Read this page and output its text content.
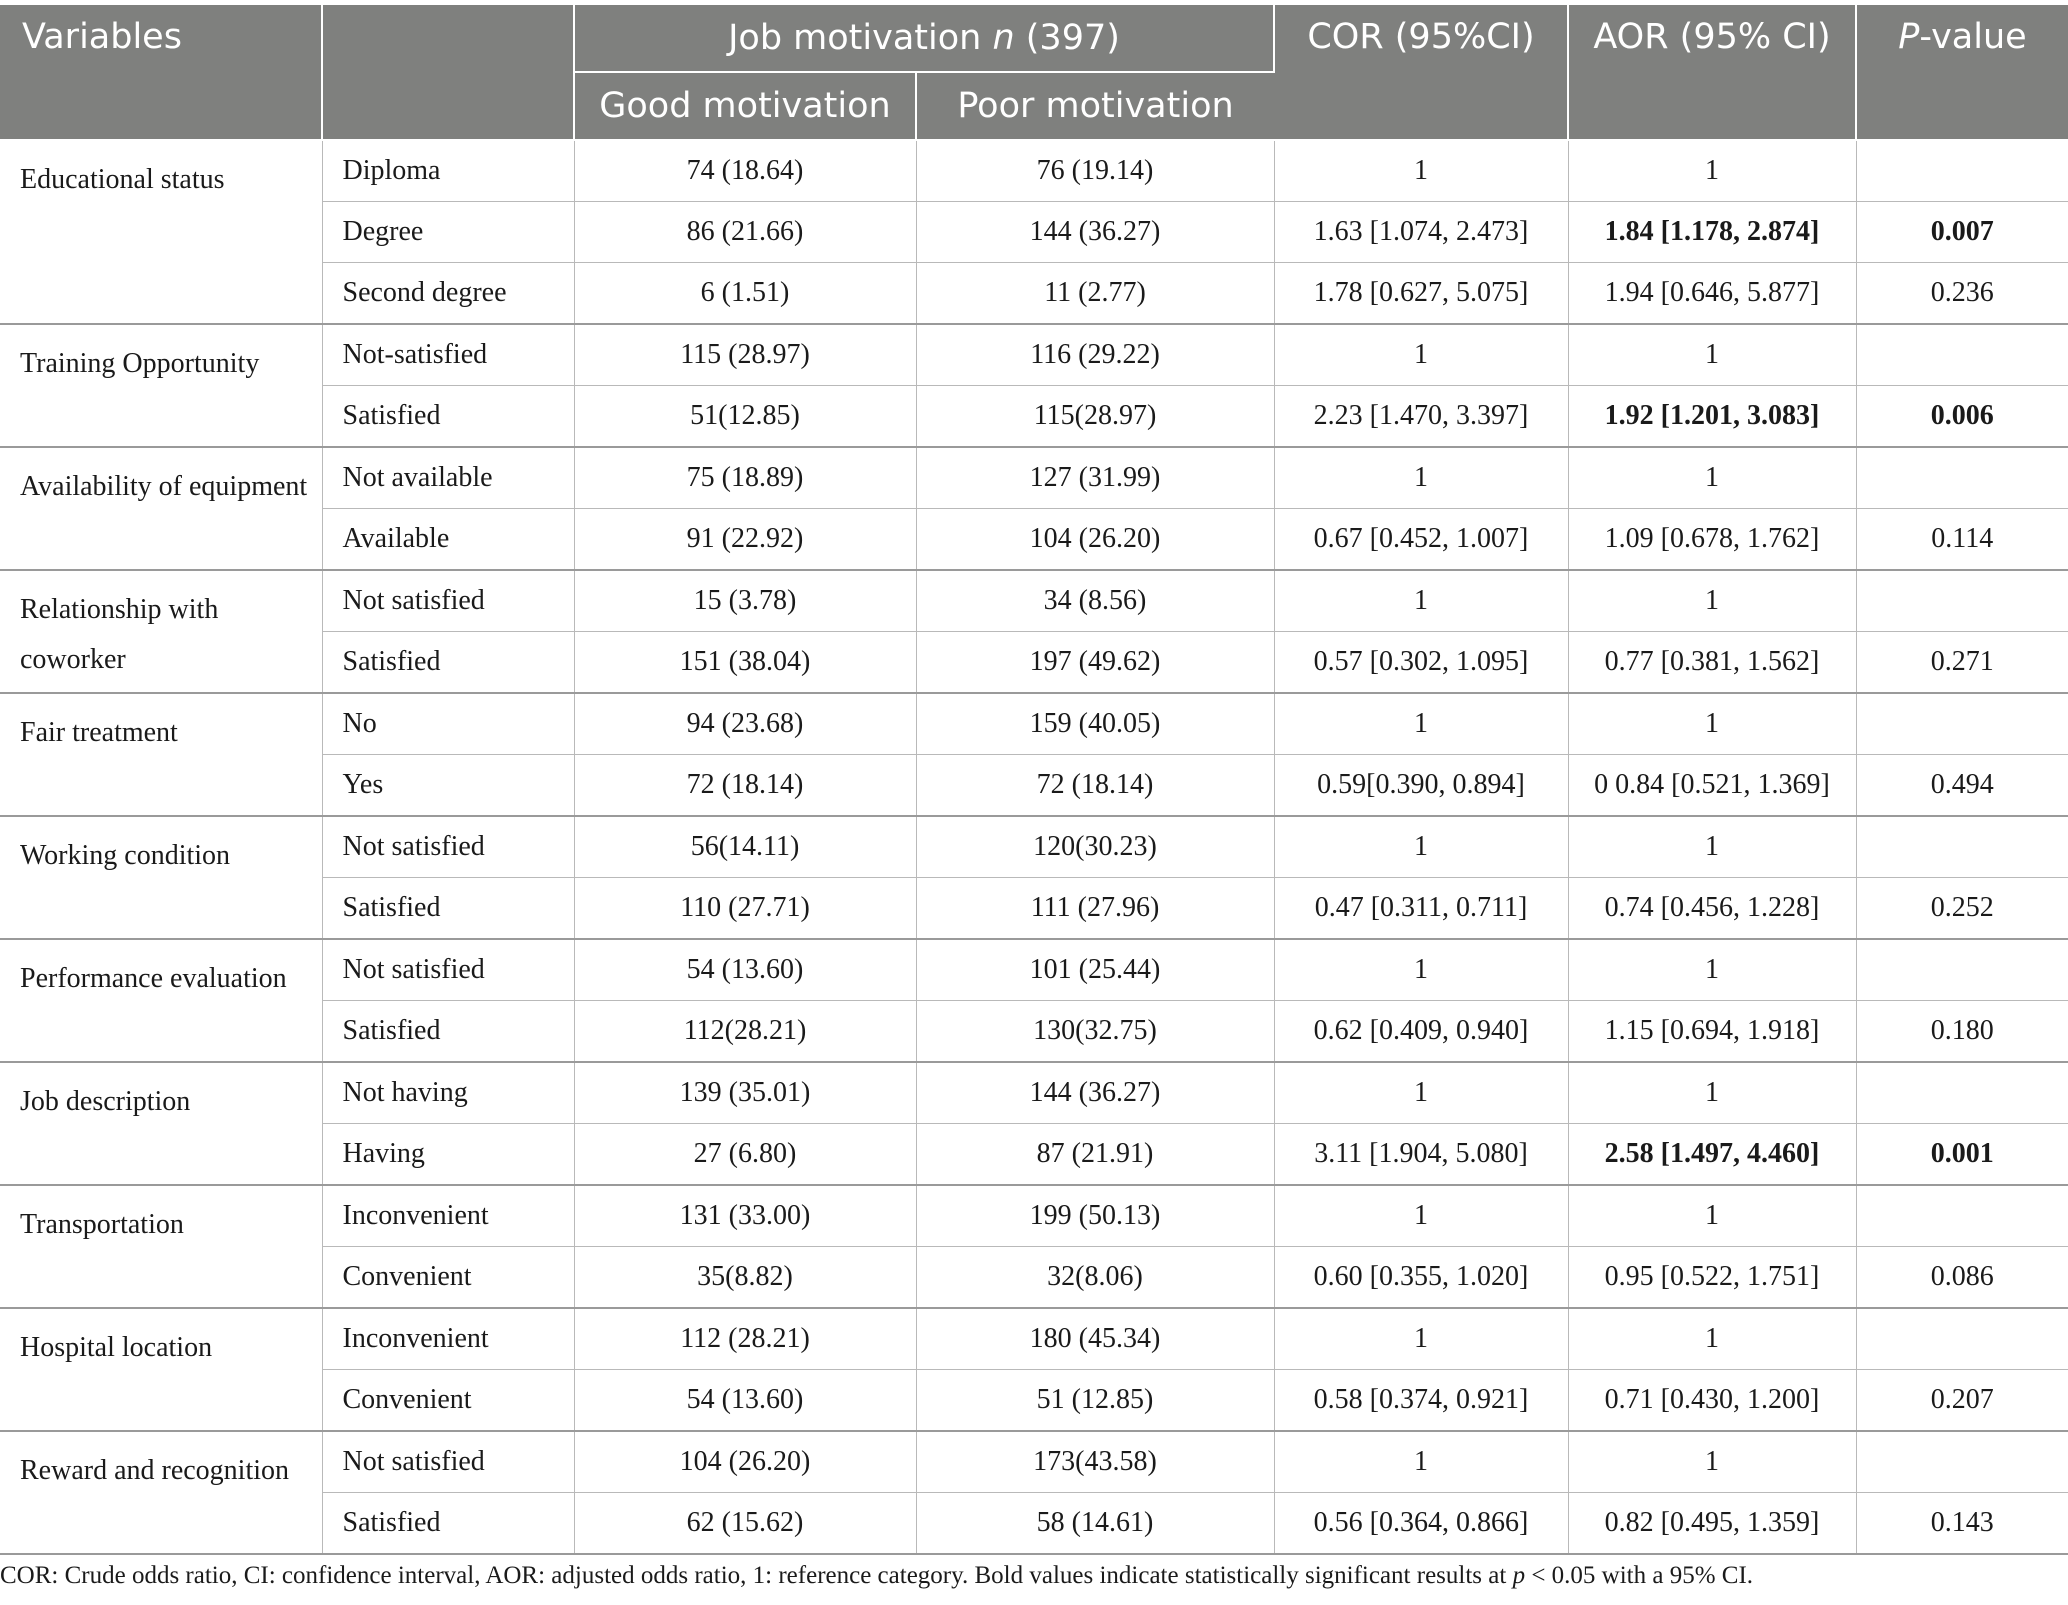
Variables		Job motivation n (397)		COR (95%CI)	AOR (95% CI)	P-value
		Good motivation	Poor motivation			
Educational status	Diploma	74 (18.64)	76 (19.14)	1	1	
	Degree	86 (21.66)	144 (36.27)	1.63 [1.074, 2.473]	1.84 [1.178, 2.874]	0.007
	Second degree	6 (1.51)	11 (2.77)	1.78 [0.627, 5.075]	1.94 [0.646, 5.877]	0.236
Training Opportunity	Not-satisfied	115 (28.97)	116 (29.22)	1	1	
	Satisfied	51(12.85)	115(28.97)	2.23 [1.470, 3.397]	1.92 [1.201, 3.083]	0.006
Availability of equipment	Not available	75 (18.89)	127 (31.99)	1	1	
	Available	91 (22.92)	104 (26.20)	0.67 [0.452, 1.007]	1.09 [0.678, 1.762]	0.114
Relationship with coworker	Not satisfied	15 (3.78)	34 (8.56)	1	1	
	Satisfied	151 (38.04)	197 (49.62)	0.57 [0.302, 1.095]	0.77 [0.381, 1.562]	0.271
Fair treatment	No	94 (23.68)	159 (40.05)	1	1	
	Yes	72 (18.14)	72 (18.14)	0.59[0.390, 0.894]	0 0.84 [0.521, 1.369]	0.494
Working condition	Not satisfied	56(14.11)	120(30.23)	1	1	
	Satisfied	110 (27.71)	111 (27.96)	0.47 [0.311, 0.711]	0.74 [0.456, 1.228]	0.252
Performance evaluation	Not satisfied	54 (13.60)	101 (25.44)	1	1	
	Satisfied	112(28.21)	130(32.75)	0.62 [0.409, 0.940]	1.15 [0.694, 1.918]	0.180
Job description	Not having	139 (35.01)	144 (36.27)	1	1	
	Having	27 (6.80)	87 (21.91)	3.11 [1.904, 5.080]	2.58 [1.497, 4.460]	0.001
Transportation	Inconvenient	131 (33.00)	199 (50.13)	1	1	
	Convenient	35(8.82)	32(8.06)	0.60 [0.355, 1.020]	0.95 [0.522, 1.751]	0.086
Hospital location	Inconvenient	112 (28.21)	180 (45.34)	1	1	
	Convenient	54 (13.60)	51 (12.85)	0.58 [0.374, 0.921]	0.71 [0.430, 1.200]	0.207
Reward and recognition	Not satisfied	104 (26.20)	173(43.58)	1	1	
	Satisfied	62 (15.62)	58 (14.61)	0.56 [0.364, 0.866]	0.82 [0.495, 1.359]	0.143
COR: Crude odds ratio, CI: confidence interval, AOR: adjusted odds ratio, 1: reference category. Bold values indicate statistically significant results at p < 0.05 with a 95% CI.
